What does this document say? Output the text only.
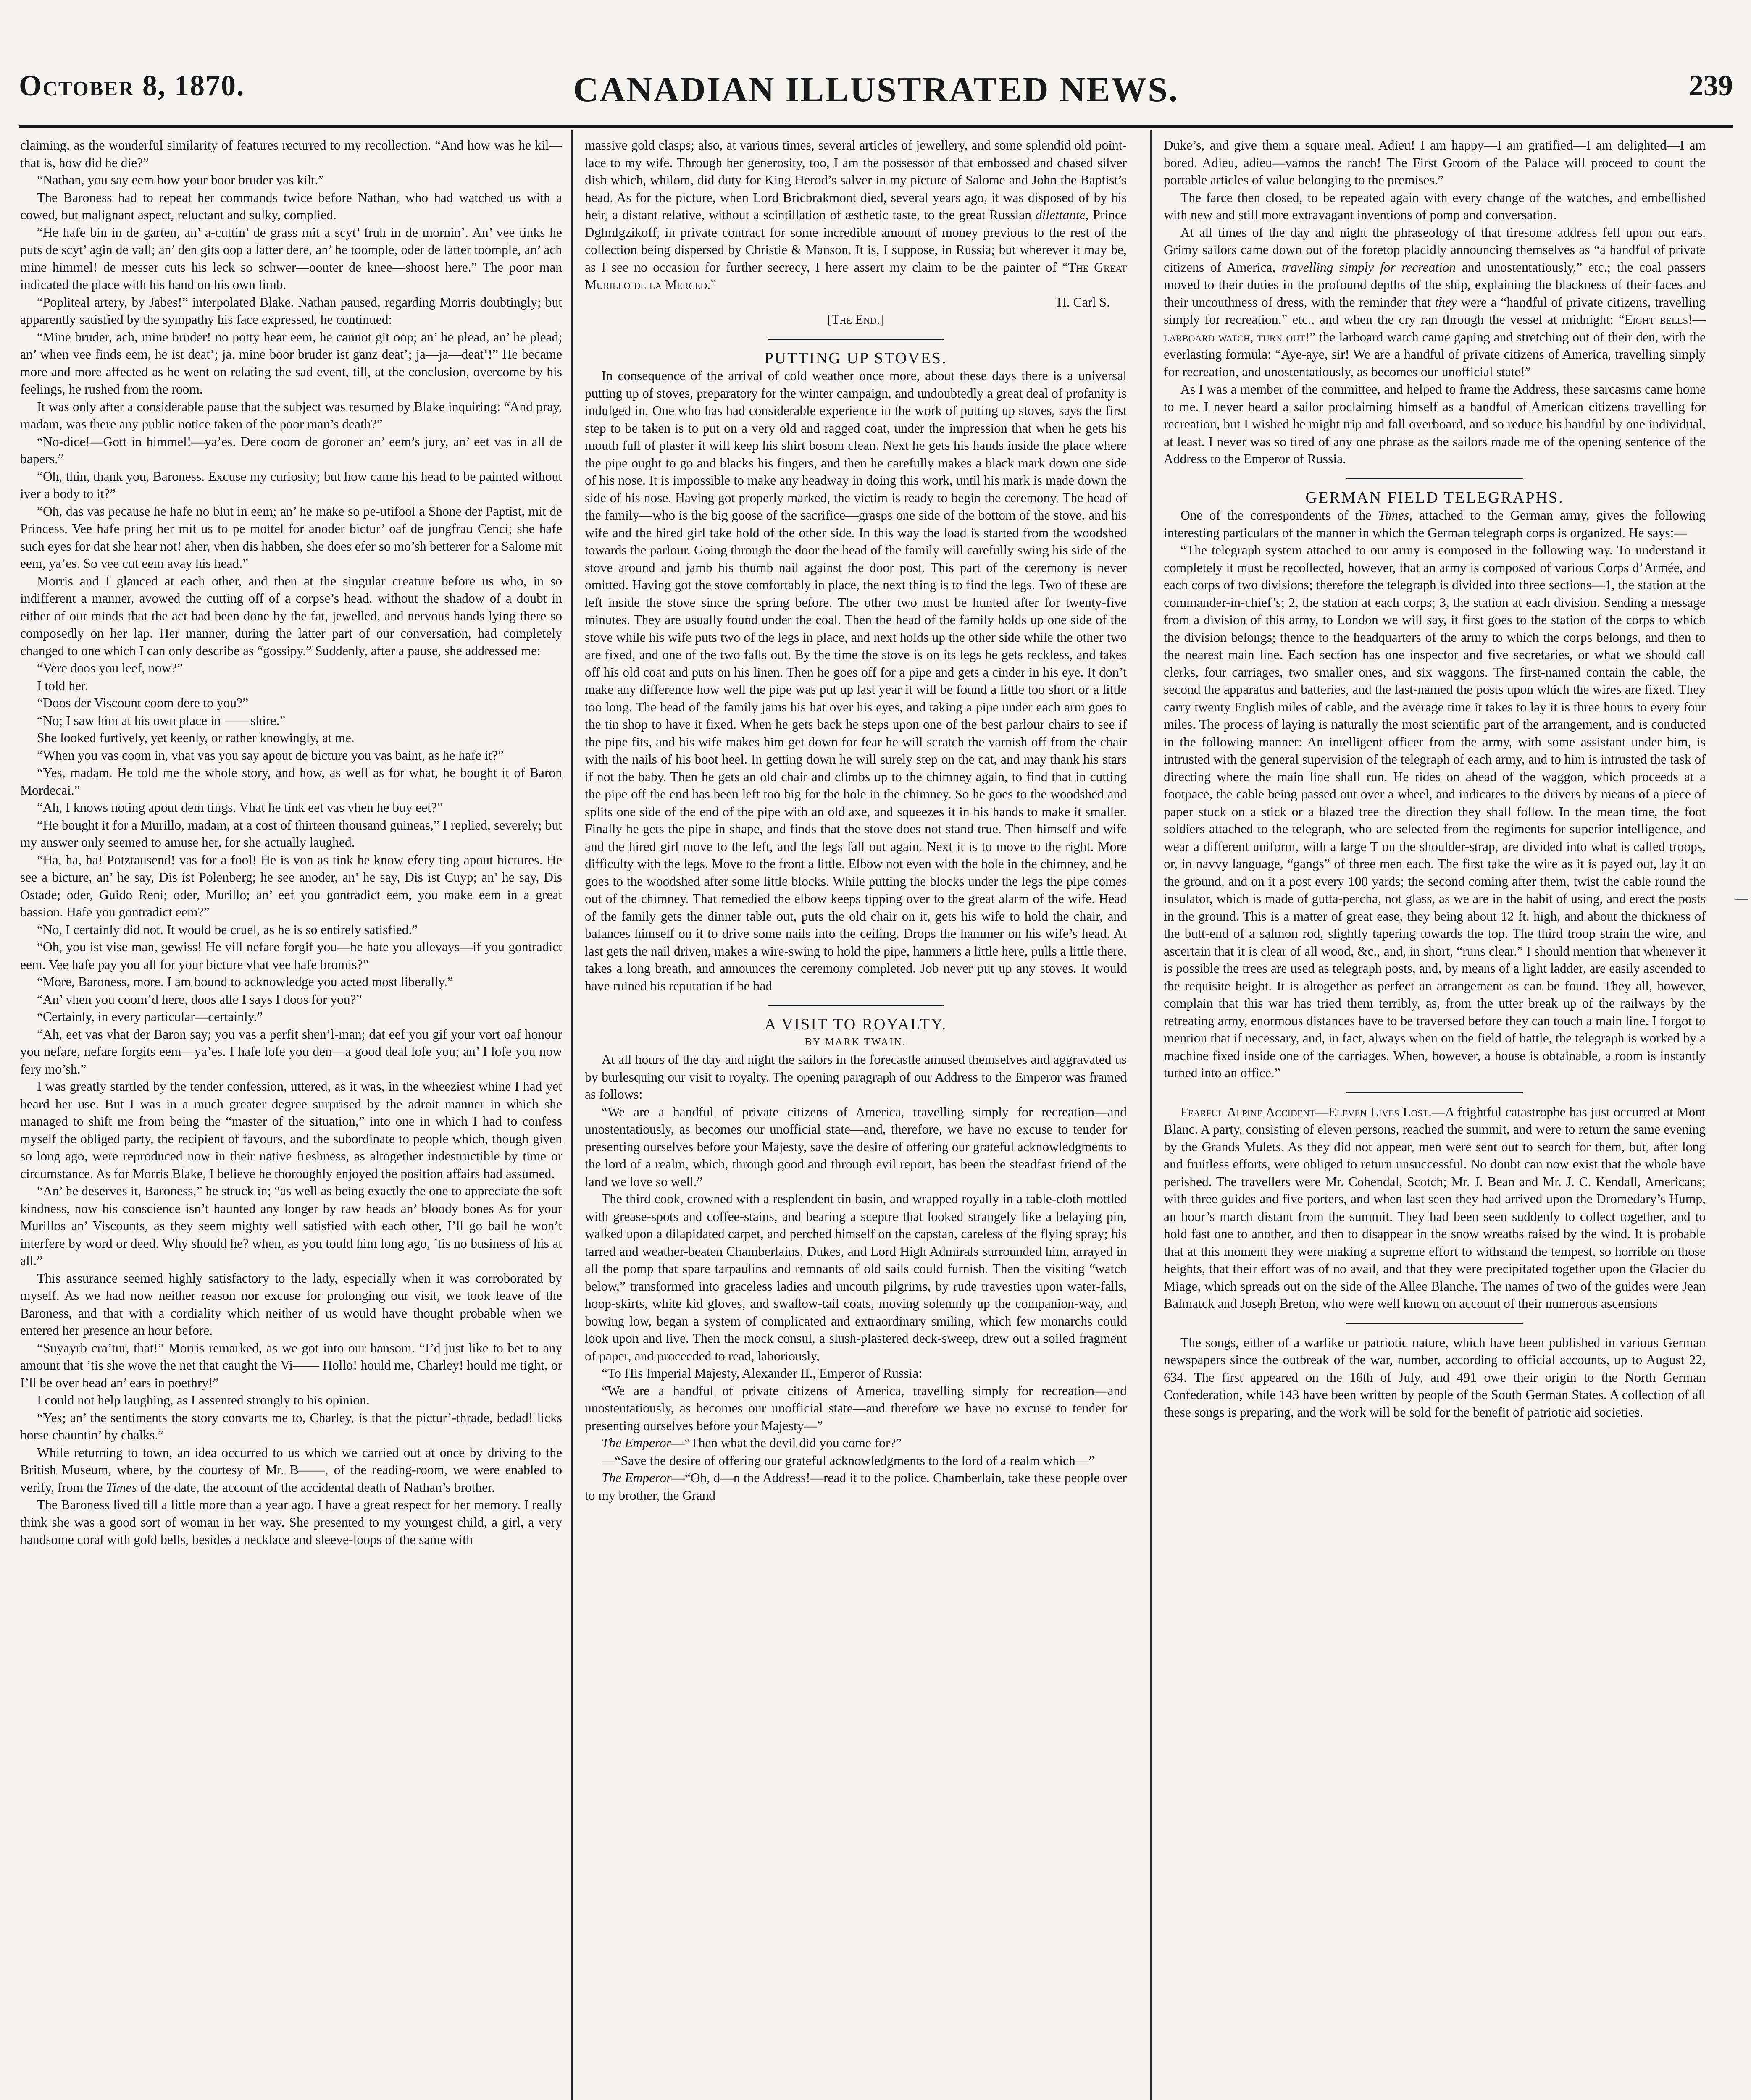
October 8, 1870.	CANADIAN ILLUSTRATED NEWS.	239

claiming, as the wonderful similarity of features recurred to my recollection. “And how was he kil—that is, how did he die?”

“Nathan, you say eem how your boor bruder vas kilt.”

The Baroness had to repeat her commands twice before Nathan, who had watched us with a cowed, but malignant aspect, reluctant and sulky, complied.

“He hafe bin in de garten, an’ a-cuttin’ de grass mit a scyt’ fruh in de mornin’. An’ vee tinks he puts de scyt’ agin de vall; an’ den gits oop a latter dere, an’ he toomple, oder de latter toomple, an’ ach mine himmel! de messer cuts his leck so schwer—oonter de knee—shoost here.” The poor man indicated the place with his hand on his own limb.

“Popliteal artery, by Jabes!” interpolated Blake. Nathan paused, regarding Morris doubtingly; but apparently satisfied by the sympathy his face expressed, he continued:

“Mine bruder, ach, mine bruder! no potty hear eem, he cannot git oop; an’ he plead, an’ he plead; an’ when vee finds eem, he ist deat’; ja. mine boor bruder ist ganz deat’; ja—ja—deat’!” He became more and more affected as he went on relating the sad event, till, at the conclusion, overcome by his feelings, he rushed from the room.

It was only after a considerable pause that the subject was resumed by Blake inquiring: “And pray, madam, was there any public notice taken of the poor man’s death?”

“No-dice!—Gott in himmel!—ya’es. Dere coom de goroner an’ eem’s jury, an’ eet vas in all de bapers.”

“Oh, thin, thank you, Baroness. Excuse my curiosity; but how came his head to be painted without iver a body to it?”

“Oh, das vas pecause he hafe no blut in eem; an’ he make so pe-utifool a Shone der Paptist, mit de Princess. Vee hafe pring her mit us to pe mottel for anoder bictur’ oaf de jungfrau Cenci; she hafe such eyes for dat she hear not! aher, vhen dis habben, she does efer so mo’sh betterer for a Salome mit eem, ya’es. So vee cut eem avay his head.”

Morris and I glanced at each other, and then at the singular creature before us who, in so indifferent a manner, avowed the cutting off of a corpse’s head, without the shadow of a doubt in either of our minds that the act had been done by the fat, jewelled, and nervous hands lying there so composedly on her lap. Her manner, during the latter part of our conversation, had completely changed to one which I can only describe as “gossipy.” Suddenly, after a pause, she addressed me:

“Vere doos you leef, now?”

I told her.

“Doos der Viscount coom dere to you?”

“No; I saw him at his own place in ——shire.”

She looked furtively, yet keenly, or rather knowingly, at me.

“When you vas coom in, vhat vas you say apout de bicture you vas baint, as he hafe it?”

“Yes, madam. He told me the whole story, and how, as well as for what, he bought it of Baron Mordecai.”

“Ah, I knows noting apout dem tings. Vhat he tink eet vas vhen he buy eet?”

“He bought it for a Murillo, madam, at a cost of thirteen thousand guineas,” I replied, severely; but my answer only seemed to amuse her, for she actually laughed.

“Ha, ha, ha! Potztausend! vas for a fool! He is von as tink he know efery ting apout bictures. He see a bicture, an’ he say, Dis ist Polenberg; he see anoder, an’ he say, Dis ist Cuyp; an’ he say, Dis Ostade; oder, Guido Reni; oder, Murillo; an’ eef you gontradict eem, you make eem in a great bassion. Hafe you gontradict eem?”

“No, I certainly did not. It would be cruel, as he is so entirely satisfied.”

“Oh, you ist vise man, gewiss! He vill nefare forgif you—he hate you allevays—if you gontradict eem. Vee hafe pay you all for your bicture vhat vee hafe bromis?”

“More, Baroness, more. I am bound to acknowledge you acted most liberally.”

“An’ vhen you coom’d here, doos alle I says I doos for you?”

“Certainly, in every particular—certainly.”

“Ah, eet vas vhat der Baron say; you vas a perfit shen’l-man; dat eef you gif your vort oaf honour you nefare, nefare forgits eem—ya’es. I hafe lofe you den—a good deal lofe you; an’ I lofe you now fery mo’sh.”

I was greatly startled by the tender confession, uttered, as it was, in the wheeziest whine I had yet heard her use. But I was in a much greater degree surprised by the adroit manner in which she managed to shift me from being the “master of the situation,” into one in which I had to confess myself the obliged party, the recipient of favours, and the subordinate to people which, though given so long ago, were reproduced now in their native freshness, as altogether indestructible by time or circumstance. As for Morris Blake, I believe he thoroughly enjoyed the position affairs had assumed.

“An’ he deserves it, Baroness,” he struck in; “as well as being exactly the one to appreciate the soft kindness, now his conscience isn’t haunted any longer by raw heads an’ bloody bones As for your Murillos an’ Viscounts, as they seem mighty well satisfied with each other, I’ll go bail he won’t interfere by word or deed. Why should he? when, as you tould him long ago, ’tis no business of his at all.”

This assurance seemed highly satisfactory to the lady, especially when it was corroborated by myself. As we had now neither reason nor excuse for prolonging our visit, we took leave of the Baroness, and that with a cordiality which neither of us would have thought probable when we entered her presence an hour before.

“Suyayrb cra’tur, that!” Morris remarked, as we got into our hansom. “I’d just like to bet to any amount that ’tis she wove the net that caught the Vi—— Hollo! hould me, Charley! hould me tight, or I’ll be over head an’ ears in poethry!”

I could not help laughing, as I assented strongly to his opinion.

“Yes; an’ the sentiments the story convarts me to, Charley, is that the pictur’-thrade, bedad! licks horse chauntin’ by chalks.”

While returning to town, an idea occurred to us which we carried out at once by driving to the British Museum, where, by the courtesy of Mr. B——, of the reading-room, we were enabled to verify, from the Times of the date, the account of the accidental death of Nathan’s brother.

The Baroness lived till a little more than a year ago. I have a great respect for her memory. I really think she was a good sort of woman in her way. She presented to my youngest child, a girl, a very handsome coral with gold bells, besides a necklace and sleeve-loops of the same with

massive gold clasps; also, at various times, several articles of jewellery, and some splendid old point-lace to my wife. Through her generosity, too, I am the possessor of that embossed and chased silver dish which, whilom, did duty for King Herod’s salver in my picture of Salome and John the Baptist’s head. As for the picture, when Lord Bricbrakmont died, several years ago, it was disposed of by his heir, a distant relative, without a scintillation of æsthetic taste, to the great Russian dilettante, Prince Dglmlgzikoff, in private contract for some incredible amount of money previous to the rest of the collection being dispersed by Christie & Manson. It is, I suppose, in Russia; but wherever it may be, as I see no occasion for further secrecy, I here assert my claim to be the painter of “The Great Murillo de la Merced.”

H. Carl S.

[The End.]

PUTTING UP STOVES.

In consequence of the arrival of cold weather once more, about these days there is a universal putting up of stoves, preparatory for the winter campaign, and undoubtedly a great deal of profanity is indulged in. One who has had considerable experience in the work of putting up stoves, says the first step to be taken is to put on a very old and ragged coat, under the impression that when he gets his mouth full of plaster it will keep his shirt bosom clean. Next he gets his hands inside the place where the pipe ought to go and blacks his fingers, and then he carefully makes a black mark down one side of his nose. It is impossible to make any headway in doing this work, until his mark is made down the side of his nose. Having got properly marked, the victim is ready to begin the ceremony. The head of the family—who is the big goose of the sacrifice—grasps one side of the bottom of the stove, and his wife and the hired girl take hold of the other side. In this way the load is started from the woodshed towards the parlour. Going through the door the head of the family will carefully swing his side of the stove around and jamb his thumb nail against the door post. This part of the ceremony is never omitted. Having got the stove comfortably in place, the next thing is to find the legs. Two of these are left inside the stove since the spring before. The other two must be hunted after for twenty-five minutes. They are usually found under the coal. Then the head of the family holds up one side of the stove while his wife puts two of the legs in place, and next holds up the other side while the other two are fixed, and one of the two falls out. By the time the stove is on its legs he gets reckless, and takes off his old coat and puts on his linen. Then he goes off for a pipe and gets a cinder in his eye. It don’t make any difference how well the pipe was put up last year it will be found a little too short or a little too long. The head of the family jams his hat over his eyes, and taking a pipe under each arm goes to the tin shop to have it fixed. When he gets back he steps upon one of the best parlour chairs to see if the pipe fits, and his wife makes him get down for fear he will scratch the varnish off from the chair with the nails of his boot heel. In getting down he will surely step on the cat, and may thank his stars if not the baby. Then he gets an old chair and climbs up to the chimney again, to find that in cutting the pipe off the end has been left too big for the hole in the chimney. So he goes to the woodshed and splits one side of the end of the pipe with an old axe, and squeezes it in his hands to make it smaller. Finally he gets the pipe in shape, and finds that the stove does not stand true. Then himself and wife and the hired girl move to the left, and the legs fall out again. Next it is to move to the right. More difficulty with the legs. Move to the front a little. Elbow not even with the hole in the chimney, and he goes to the woodshed after some little blocks. While putting the blocks under the legs the pipe comes out of the chimney. That remedied the elbow keeps tipping over to the great alarm of the wife. Head of the family gets the dinner table out, puts the old chair on it, gets his wife to hold the chair, and balances himself on it to drive some nails into the ceiling. Drops the hammer on his wife’s head. At last gets the nail driven, makes a wire-swing to hold the pipe, hammers a little here, pulls a little there, takes a long breath, and announces the ceremony completed. Job never put up any stoves. It would have ruined his reputation if he had

A VISIT TO ROYALTY.

BY MARK TWAIN.

At all hours of the day and night the sailors in the forecastle amused themselves and aggravated us by burlesquing our visit to royalty. The opening paragraph of our Address to the Emperor was framed as follows:

“We are a handful of private citizens of America, travelling simply for recreation—and unostentatiously, as becomes our unofficial state—and, therefore, we have no excuse to tender for presenting ourselves before your Majesty, save the desire of offering our grateful acknowledgments to the lord of a realm, which, through good and through evil report, has been the steadfast friend of the land we love so well.”

The third cook, crowned with a resplendent tin basin, and wrapped royally in a table-cloth mottled with grease-spots and coffee-stains, and bearing a sceptre that looked strangely like a belaying pin, walked upon a dilapidated carpet, and perched himself on the capstan, careless of the flying spray; his tarred and weather-beaten Chamberlains, Dukes, and Lord High Admirals surrounded him, arrayed in all the pomp that spare tarpaulins and remnants of old sails could furnish. Then the visiting “watch below,” transformed into graceless ladies and uncouth pilgrims, by rude travesties upon water-falls, hoop-skirts, white kid gloves, and swallow-tail coats, moving solemnly up the companion-way, and bowing low, began a system of complicated and extraordinary smiling, which few monarchs could look upon and live. Then the mock consul, a slush-plastered deck-sweep, drew out a soiled fragment of paper, and proceeded to read, laboriously,

“To His Imperial Majesty, Alexander II., Emperor of Russia:

“We are a handful of private citizens of America, travelling simply for recreation—and unostentatiously, as becomes our unofficial state—and therefore we have no excuse to tender for presenting ourselves before your Majesty—”

The Emperor—“Then what the devil did you come for?”

—“Save the desire of offering our grateful acknowledgments to the lord of a realm which—”

The Emperor—“Oh, d—n the Address!—read it to the police. Chamberlain, take these people over to my brother, the Grand

Duke’s, and give them a square meal. Adieu! I am happy—I am gratified—I am delighted—I am bored. Adieu, adieu—vamos the ranch! The First Groom of the Palace will proceed to count the portable articles of value belonging to the premises.”

The farce then closed, to be repeated again with every change of the watches, and embellished with new and still more extravagant inventions of pomp and conversation.

At all times of the day and night the phraseology of that tiresome address fell upon our ears. Grimy sailors came down out of the foretop placidly announcing themselves as “a handful of private citizens of America, travelling simply for recreation and unostentatiously,” etc.; the coal passers moved to their duties in the profound depths of the ship, explaining the blackness of their faces and their uncouthness of dress, with the reminder that they were a “handful of private citizens, travelling simply for recreation,” etc., and when the cry ran through the vessel at midnight: “Eight bells!—larboard watch, turn out!” the larboard watch came gaping and stretching out of their den, with the everlasting formula: “Aye-aye, sir! We are a handful of private citizens of America, travelling simply for recreation, and unostentatiously, as becomes our unofficial state!”

As I was a member of the committee, and helped to frame the Address, these sarcasms came home to me. I never heard a sailor proclaiming himself as a handful of American citizens travelling for recreation, but I wished he might trip and fall overboard, and so reduce his handful by one individual, at least. I never was so tired of any one phrase as the sailors made me of the opening sentence of the Address to the Emperor of Russia.

GERMAN FIELD TELEGRAPHS.

One of the correspondents of the Times, attached to the German army, gives the following interesting particulars of the manner in which the German telegraph corps is organized. He says:—

“The telegraph system attached to our army is composed in the following way. To understand it completely it must be recollected, however, that an army is composed of various Corps d’Armée, and each corps of two divisions; therefore the telegraph is divided into three sections—1, the station at the commander-in-chief’s; 2, the station at each corps; 3, the station at each division. Sending a message from a division of this army, to London we will say, it first goes to the station of the corps to which the division belongs; thence to the headquarters of the army to which the corps belongs, and then to the nearest main line. Each section has one inspector and five secretaries, or what we should call clerks, four carriages, two smaller ones, and six waggons. The first-named contain the cable, the second the apparatus and batteries, and the last-named the posts upon which the wires are fixed. They carry twenty English miles of cable, and the average time it takes to lay it is three hours to every four miles. The process of laying is naturally the most scientific part of the arrangement, and is conducted in the following manner: An intelligent officer from the army, with some assistant under him, is intrusted with the general supervision of the telegraph of each army, and to him is intrusted the task of directing where the main line shall run. He rides on ahead of the waggon, which proceeds at a footpace, the cable being passed out over a wheel, and indicates to the drivers by means of a piece of paper stuck on a stick or a blazed tree the direction they shall follow. In the mean time, the foot soldiers attached to the telegraph, who are selected from the regiments for superior intelligence, and wear a different uniform, with a large T on the shoulder-strap, are divided into what is called troops, or, in navvy language, “gangs” of three men each. The first take the wire as it is payed out, lay it on the ground, and on it a post every 100 yards; the second coming after them, twist the cable round the insulator, which is made of gutta-percha, not glass, as we are in the habit of using, and erect the posts in the ground. This is a matter of great ease, they being about 12 ft. high, and about the thickness of the butt-end of a salmon rod, slightly tapering towards the top. The third troop strain the wire, and ascertain that it is clear of all wood, &c., and, in short, “runs clear.” I should mention that whenever it is possible the trees are used as telegraph posts, and, by means of a light ladder, are easily ascended to the requisite height. It is altogether as perfect an arrangement as can be found. They all, however, complain that this war has tried them terribly, as, from the utter break up of the railways by the retreating army, enormous distances have to be traversed before they can touch a main line. I forgot to mention that if necessary, and, in fact, always when on the field of battle, the telegraph is worked by a machine fixed inside one of the carriages. When, however, a house is obtainable, a room is instantly turned into an office.”

Fearful Alpine Accident—Eleven Lives Lost.—A frightful catastrophe has just occurred at Mont Blanc. A party, consisting of eleven persons, reached the summit, and were to return the same evening by the Grands Mulets. As they did not appear, men were sent out to search for them, but, after long and fruitless efforts, were obliged to return unsuccessful. No doubt can now exist that the whole have perished. The travellers were Mr. Cohendal, Scotch; Mr. J. Bean and Mr. J. C. Kendall, Americans; with three guides and five porters, and when last seen they had arrived upon the Dromedary’s Hump, an hour’s march distant from the summit. They had been seen suddenly to collect together, and to hold fast one to another, and then to disappear in the snow wreaths raised by the wind. It is probable that at this moment they were making a supreme effort to withstand the tempest, so horrible on those heights, that their effort was of no avail, and that they were precipitated together upon the Glacier du Miage, which spreads out on the side of the Allee Blanche. The names of two of the guides were Jean Balmatck and Joseph Breton, who were well known on account of their numerous ascensions

The songs, either of a warlike or patriotic nature, which have been published in various German newspapers since the outbreak of the war, number, according to official accounts, up to August 22, 634. The first appeared on the 16th of July, and 491 owe their origin to the North German Confederation, while 143 have been written by people of the South German States. A collection of all these songs is preparing, and the work will be sold for the benefit of patriotic aid societies.
